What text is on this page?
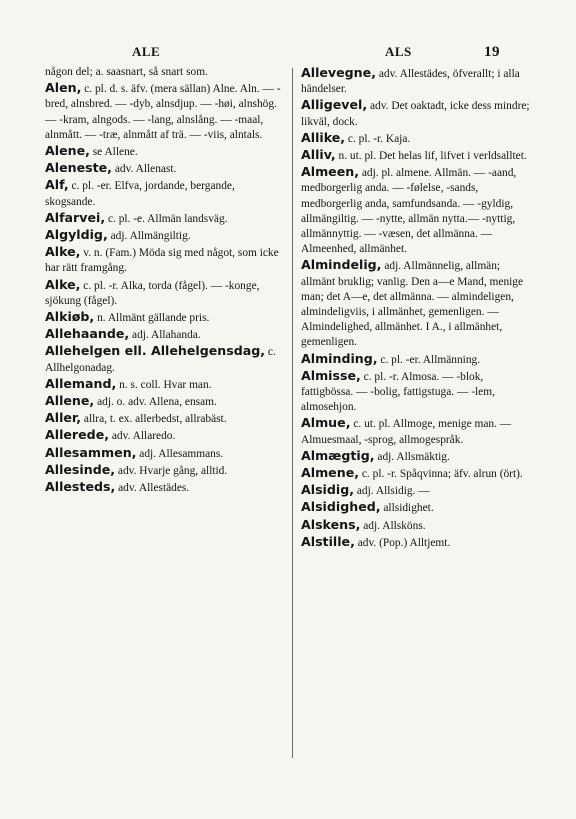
ALE	ALS	19

någon del; a. saasnart, så snart som.

Alen, c. pl. d. s. äfv. (mera sällan) Alne. Aln. — -bred, alnsbred. — -dyb, alnsdjup. — -høi, alnshög. — -kram, alngods. — -lang, alnslång. — -maal, alnmått. — -træ, alnmått af trä. — -viis, alntals.

Alene, se Allene.

Aleneste, adv. Allenast.

Alf, c. pl. -er. Elfva, jordande, bergande, skogsande.

Alfarvei, c. pl. -e. Allmän landsväg.

Algyldig, adj. Allmängiltig.

Alke, v. n. (Fam.) Möda sig med något, som icke har rätt framgång.

Alke, c. pl. -r. Alka, torda (fågel). — -konge, sjökung (fågel).

Alkiøb, n. Allmänt gällande pris.

Allehaande, adj. Allahanda.

Allehelgen ell. Allehelgensdag, c. Allhelgonadag.

Allemand, n. s. coll. Hvar man.

Allene, adj. o. adv. Allena, ensam.

Aller, allra, t. ex. allerbedst, allrabäst.

Allerede, adv. Allaredo.

Allesammen, adj. Allesammans.

Allesinde, adv. Hvarje gång, alltid.

Allesteds, adv. Allestädes.

Allevegne, adv. Allestädes, öfverallt; i alla händelser.

Alligevel, adv. Det oaktadt, icke dess mindre; likväl, dock.

Allike, c. pl. -r. Kaja.

Alliv, n. ut. pl. Det helas lif, lifvet i verldsalltet.

Almeen, adj. pl. almene. Allmän. — -aand, medborgerlig anda. — -følelse, -sands, medborgerlig anda, samfundsanda. — -gyldig, allmängiltig. — -nytte, allmän nytta.— -nyttig, allmännyttig. — -væsen, det allmänna. — Almeenhed, allmänhet.

Almindelig, adj. Allmännelig, allmän; allmänt bruklig; vanlig. Den a—e Mand, menige man; det A—e, det allmänna. — almindeligen, almindeligviis, i allmänhet, gemenligen. — Almindelighed, allmänhet. I A., i allmänhet, gemenligen.

Alminding, c. pl. -er. Allmänning.

Almisse, c. pl. -r. Almosa. — -blok, fattigbössa. — -bolig, fattigstuga. — -lem, almosehjon.

Almue, c. ut. pl. Allmoge, menige man. — Almuesmaal, -sprog, allmogespråk.

Almægtig, adj. Allsmäktig.

Almene, c. pl. -r. Spåqvinna; äfv. alrun (ört).

Alsidig, adj. Allsidig. —

Alsidighed, allsidighet.

Alskens, adj. Allsköns.

Alstille, adv. (Pop.) Alltjemt.
